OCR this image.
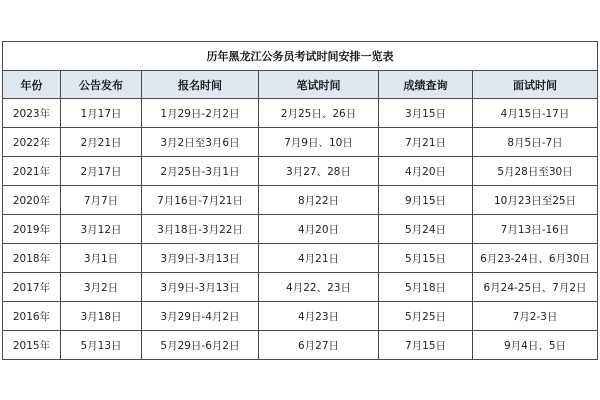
历年黑龙江公务员考试时间安排一览表					
年份	公告发布	报名时间	笔试时间	成绩查询	面试时间
2023年	1月17日	1月29日-2月2日	2月25日、26日	3月15日	4月15日-17日
2022年	2月21日	3月2日至3月6日	7月9日、10日	7月21日	8月5日-7日
2021年	2月17日	2月25日-3月1日	3月27、28日	4月20日	5月28日至30日
2020年	7月7日	7月16日-7月21日	8月22日	9月15日	10月23日至25日
2019年	3月12日	3月18日-3月22日	4月20日	5月24日	7月13日-16日
2018年	3月1日	3月9日-3月13日	4月21日	5月15日	6月23-24日、6月30日
2017年	3月2日	3月9日-3月13日	4月22、23日	5月18日	6月24-25日、7月2日
2016年	3月18日	3月29日-4月2日	4月23日	5月25日	7月2-3日
2015年	5月13日	5月29日-6月2日	6月27日	7月15日	9月4日、5日
